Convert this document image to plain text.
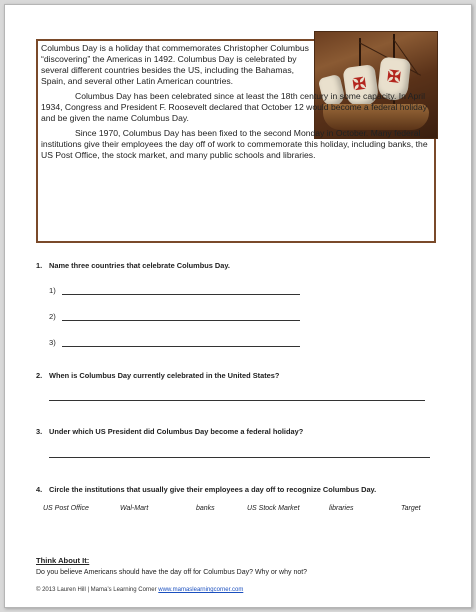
✠ ✠

Columbus Day is a holiday that commemorates Christopher Columbus “discovering” the Americas in 1492. Columbus Day is celebrated by several different countries besides the US, including the Bahamas, Spain, and several other Latin American countries.

Columbus Day has been celebrated since at least the 18th century in some capacity. In April 1934, Congress and President F. Roosevelt declared that October 12 would become a federal holiday and be given the name Columbus Day.

Since 1970, Columbus Day has been fixed to the second Monday in October. Many federal institutions give their employees the day off of work to commemorate this holiday, including banks, the US Post Office, the stock market, and many public schools and libraries.

1. Name three countries that celebrate Columbus Day.
1)
2)
3)
2. When is Columbus Day currently celebrated in the United States?
3. Under which US President did Columbus Day become a federal holiday?
4. Circle the institutions that usually give their employees a day off to recognize Columbus Day.
US Post Office	Wal-Mart	banks	US Stock Market	libraries	Target
Think About It:
Do you believe Americans should have the day off for Columbus Day? Why or why not?
© 2013 Lauren Hill | Mama’s Learning Corner www.mamaslearningcorner.com
